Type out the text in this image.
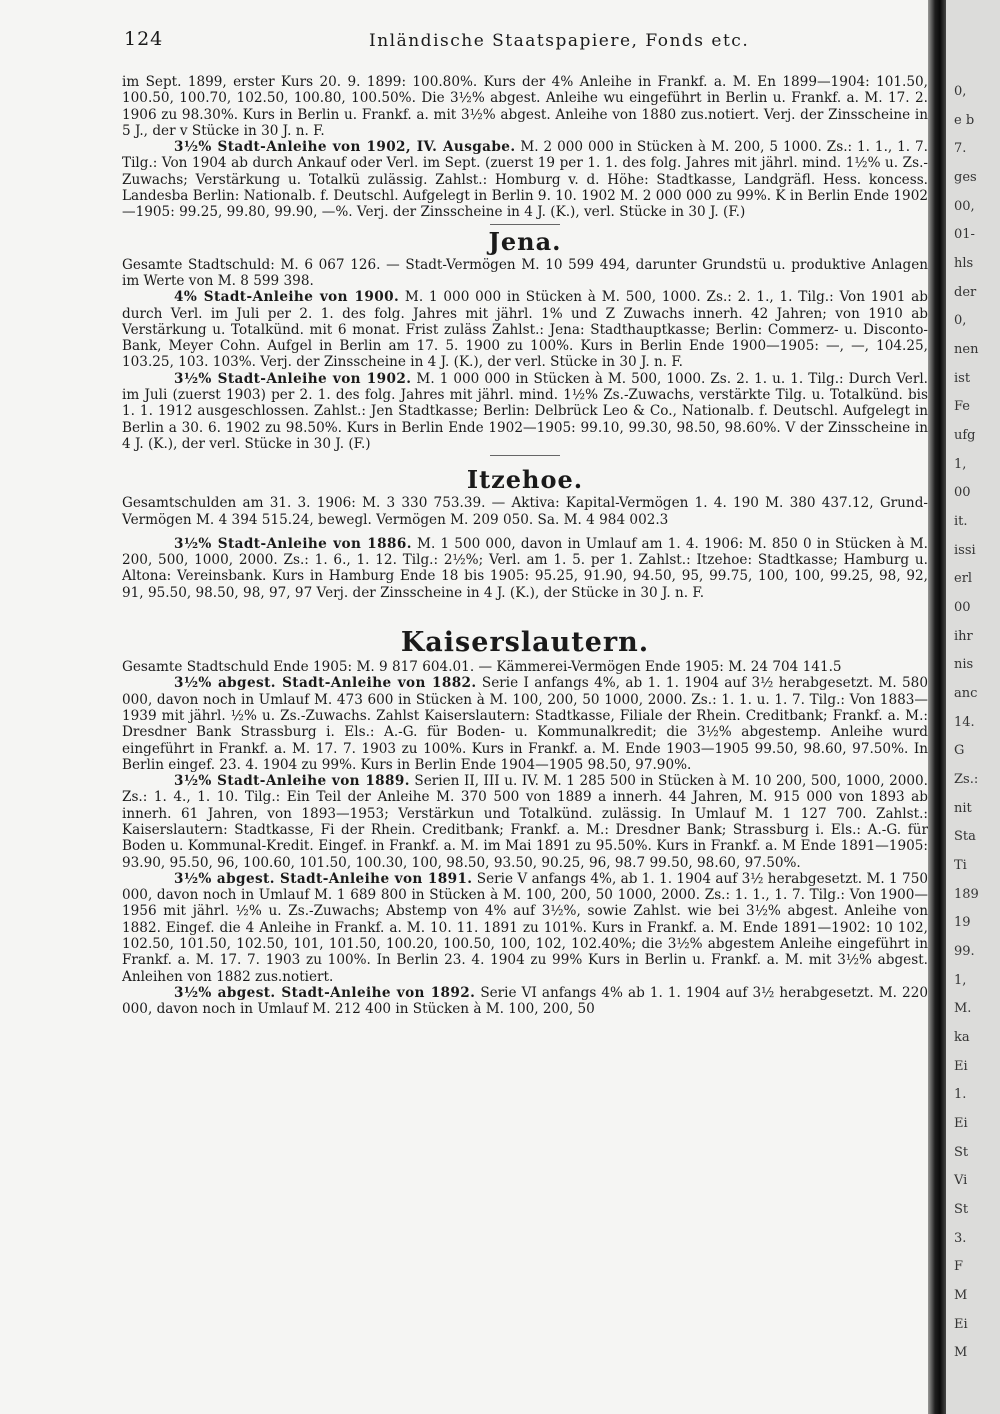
124	Inländische Staatspapiere, Fonds etc.

im Sept. 1899, erster Kurs 20. 9. 1899: 100.80%. Kurs der 4% Anleihe in Frankf. a. M. En 1899—1904: 101.50, 100.50, 100.70, 102.50, 100.80, 100.50%. Die 3½% abgest. Anleihe wu eingeführt in Berlin u. Frankf. a. M. 17. 2. 1906 zu 98.30%. Kurs in Berlin u. Frankf. a. mit 3½% abgest. Anleihe von 1880 zus.notiert. Verj. der Zinsscheine in 5 J., der v Stücke in 30 J. n. F.

3½% Stadt-Anleihe von 1902, IV. Ausgabe. M. 2 000 000 in Stücken à M. 200, 5 1000. Zs.: 1. 1., 1. 7. Tilg.: Von 1904 ab durch Ankauf oder Verl. im Sept. (zuerst 19 per 1. 1. des folg. Jahres mit jährl. mind. 1½% u. Zs.-Zuwachs; Verstärkung u. Totalkü zulässig. Zahlst.: Homburg v. d. Höhe: Stadtkasse, Landgräfl. Hess. koncess. Landesba Berlin: Nationalb. f. Deutschl. Aufgelegt in Berlin 9. 10. 1902 M. 2 000 000 zu 99%. K in Berlin Ende 1902—1905: 99.25, 99.80, 99.90, —%. Verj. der Zinsscheine in 4 J. (K.), verl. Stücke in 30 J. (F.)

Jena.

Gesamte Stadtschuld: M. 6 067 126. — Stadt-Vermögen M. 10 599 494, darunter Grundstü u. produktive Anlagen im Werte von M. 8 599 398.

4% Stadt-Anleihe von 1900. M. 1 000 000 in Stücken à M. 500, 1000. Zs.: 2. 1., 1. Tilg.: Von 1901 ab durch Verl. im Juli per 2. 1. des folg. Jahres mit jährl. 1% und Z Zuwachs innerh. 42 Jahren; von 1910 ab Verstärkung u. Totalkünd. mit 6 monat. Frist zuläss Zahlst.: Jena: Stadthauptkasse; Berlin: Commerz- u. Disconto-Bank, Meyer Cohn. Aufgel in Berlin am 17. 5. 1900 zu 100%. Kurs in Berlin Ende 1900—1905: —, —, 104.25, 103.25, 103. 103%. Verj. der Zinsscheine in 4 J. (K.), der verl. Stücke in 30 J. n. F.

3½% Stadt-Anleihe von 1902. M. 1 000 000 in Stücken à M. 500, 1000. Zs. 2. 1. u. 1. Tilg.: Durch Verl. im Juli (zuerst 1903) per 2. 1. des folg. Jahres mit jährl. mind. 1½% Zs.-Zuwachs, verstärkte Tilg. u. Totalkünd. bis 1. 1. 1912 ausgeschlossen. Zahlst.: Jen Stadtkasse; Berlin: Delbrück Leo & Co., Nationalb. f. Deutschl. Aufgelegt in Berlin a 30. 6. 1902 zu 98.50%. Kurs in Berlin Ende 1902—1905: 99.10, 99.30, 98.50, 98.60%. V der Zinsscheine in 4 J. (K.), der verl. Stücke in 30 J. (F.)

Itzehoe.

Gesamtschulden am 31. 3. 1906: M. 3 330 753.39. — Aktiva: Kapital-Vermögen 1. 4. 190 M. 380 437.12, Grund-Vermögen M. 4 394 515.24, bewegl. Vermögen M. 209 050. Sa. M. 4 984 002.3

3½% Stadt-Anleihe von 1886. M. 1 500 000, davon in Umlauf am 1. 4. 1906: M. 850 0 in Stücken à M. 200, 500, 1000, 2000. Zs.: 1. 6., 1. 12. Tilg.: 2½%; Verl. am 1. 5. per 1. Zahlst.: Itzehoe: Stadtkasse; Hamburg u. Altona: Vereinsbank. Kurs in Hamburg Ende 18 bis 1905: 95.25, 91.90, 94.50, 95, 99.75, 100, 100, 99.25, 98, 92, 91, 95.50, 98.50, 98, 97, 97 Verj. der Zinsscheine in 4 J. (K.), der Stücke in 30 J. n. F.

Kaiserslautern.

Gesamte Stadtschuld Ende 1905: M. 9 817 604.01. — Kämmerei-Vermögen Ende 1905: M. 24 704 141.5

3½% abgest. Stadt-Anleihe von 1882. Serie I anfangs 4%, ab 1. 1. 1904 auf 3½ herabgesetzt. M. 580 000, davon noch in Umlauf M. 473 600 in Stücken à M. 100, 200, 50 1000, 2000. Zs.: 1. 1. u. 1. 7. Tilg.: Von 1883—1939 mit jährl. ½% u. Zs.-Zuwachs. Zahlst Kaiserslautern: Stadtkasse, Filiale der Rhein. Creditbank; Frankf. a. M.: Dresdner Bank Strassburg i. Els.: A.-G. für Boden- u. Kommunalkredit; die 3½% abgestemp. Anleihe wurd eingeführt in Frankf. a. M. 17. 7. 1903 zu 100%. Kurs in Frankf. a. M. Ende 1903—1905 99.50, 98.60, 97.50%. In Berlin eingef. 23. 4. 1904 zu 99%. Kurs in Berlin Ende 1904—1905 98.50, 97.90%.

3½% Stadt-Anleihe von 1889. Serien II, III u. IV. M. 1 285 500 in Stücken à M. 10 200, 500, 1000, 2000. Zs.: 1. 4., 1. 10. Tilg.: Ein Teil der Anleihe M. 370 500 von 1889 a innerh. 44 Jahren, M. 915 000 von 1893 ab innerh. 61 Jahren, von 1893—1953; Verstärkun und Totalkünd. zulässig. In Umlauf M. 1 127 700. Zahlst.: Kaiserslautern: Stadtkasse, Fi der Rhein. Creditbank; Frankf. a. M.: Dresdner Bank; Strassburg i. Els.: A.-G. für Boden u. Kommunal-Kredit. Eingef. in Frankf. a. M. im Mai 1891 zu 95.50%. Kurs in Frankf. a. M Ende 1891—1905: 93.90, 95.50, 96, 100.60, 101.50, 100.30, 100, 98.50, 93.50, 90.25, 96, 98.7 99.50, 98.60, 97.50%.

3½% abgest. Stadt-Anleihe von 1891. Serie V anfangs 4%, ab 1. 1. 1904 auf 3½ herabgesetzt. M. 1 750 000, davon noch in Umlauf M. 1 689 800 in Stücken à M. 100, 200, 50 1000, 2000. Zs.: 1. 1., 1. 7. Tilg.: Von 1900—1956 mit jährl. ½% u. Zs.-Zuwachs; Abstemp von 4% auf 3½%, sowie Zahlst. wie bei 3½% abgest. Anleihe von 1882. Eingef. die 4 Anleihe in Frankf. a. M. 10. 11. 1891 zu 101%. Kurs in Frankf. a. M. Ende 1891—1902: 10 102, 102.50, 101.50, 102.50, 101, 101.50, 100.20, 100.50, 100, 102, 102.40%; die 3½% abgestem Anleihe eingeführt in Frankf. a. M. 17. 7. 1903 zu 100%. In Berlin 23. 4. 1904 zu 99% Kurs in Berlin u. Frankf. a. M. mit 3½% abgest. Anleihen von 1882 zus.notiert.

3½% abgest. Stadt-Anleihe von 1892. Serie VI anfangs 4% ab 1. 1. 1904 auf 3½ herabgesetzt. M. 220 000, davon noch in Umlauf M. 212 400 in Stücken à M. 100, 200, 50

0,
e b
7.
ges
00,
01-
hls
der
0,
nen
ist
Fe
ufg
1,
00
it.
issi
erl
00
ihr
nis
anc
14.
G
Zs.:
nit
Sta
Ti
189
19
99.
1,
M.
ka
Ei
1.
Ei
St
Vi
St
3.
F
M
Ei
M
